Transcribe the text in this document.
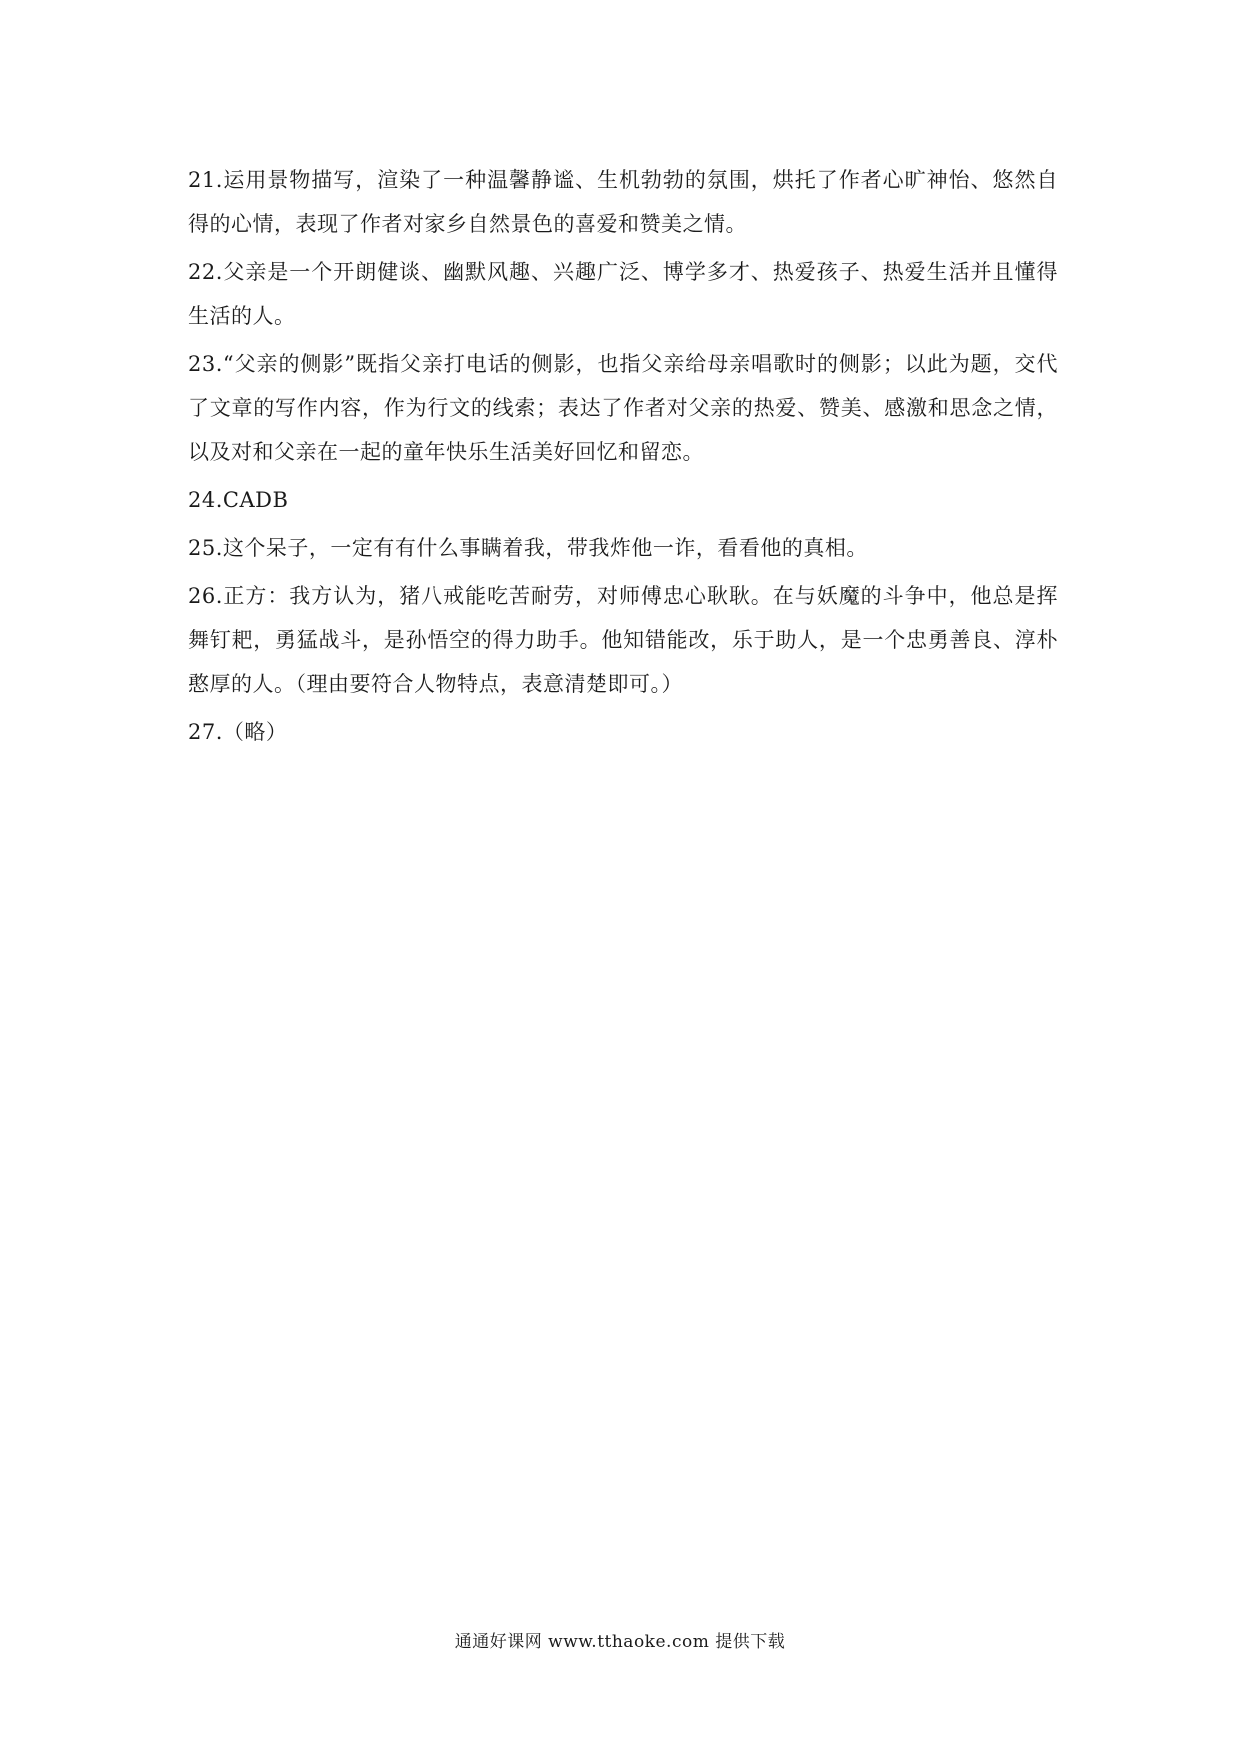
21.运用景物描写，渲染了一种温馨静谧、生机勃勃的氛围，烘托了作者心旷神怡、悠然自得的心情，表现了作者对家乡自然景色的喜爱和赞美之情。

22.父亲是一个开朗健谈、幽默风趣、兴趣广泛、博学多才、热爱孩子、热爱生活并且懂得生活的人。

23.“父亲的侧影”既指父亲打电话的侧影，也指父亲给母亲唱歌时的侧影；以此为题，交代了文章的写作内容，作为行文的线索；表达了作者对父亲的热爱、赞美、感激和思念之情，以及对和父亲在一起的童年快乐生活美好回忆和留恋。

24.CADB

25.这个呆子，一定有有什么事瞒着我，带我炸他一诈，看看他的真相。

26.正方：我方认为，猪八戒能吃苦耐劳，对师傅忠心耿耿。在与妖魔的斗争中，他总是挥舞钉耙，勇猛战斗，是孙悟空的得力助手。他知错能改，乐于助人，是一个忠勇善良、淳朴憨厚的人。（理由要符合人物特点，表意清楚即可。）

27.（略）

通通好课网 www.tthaoke.com 提供下载
